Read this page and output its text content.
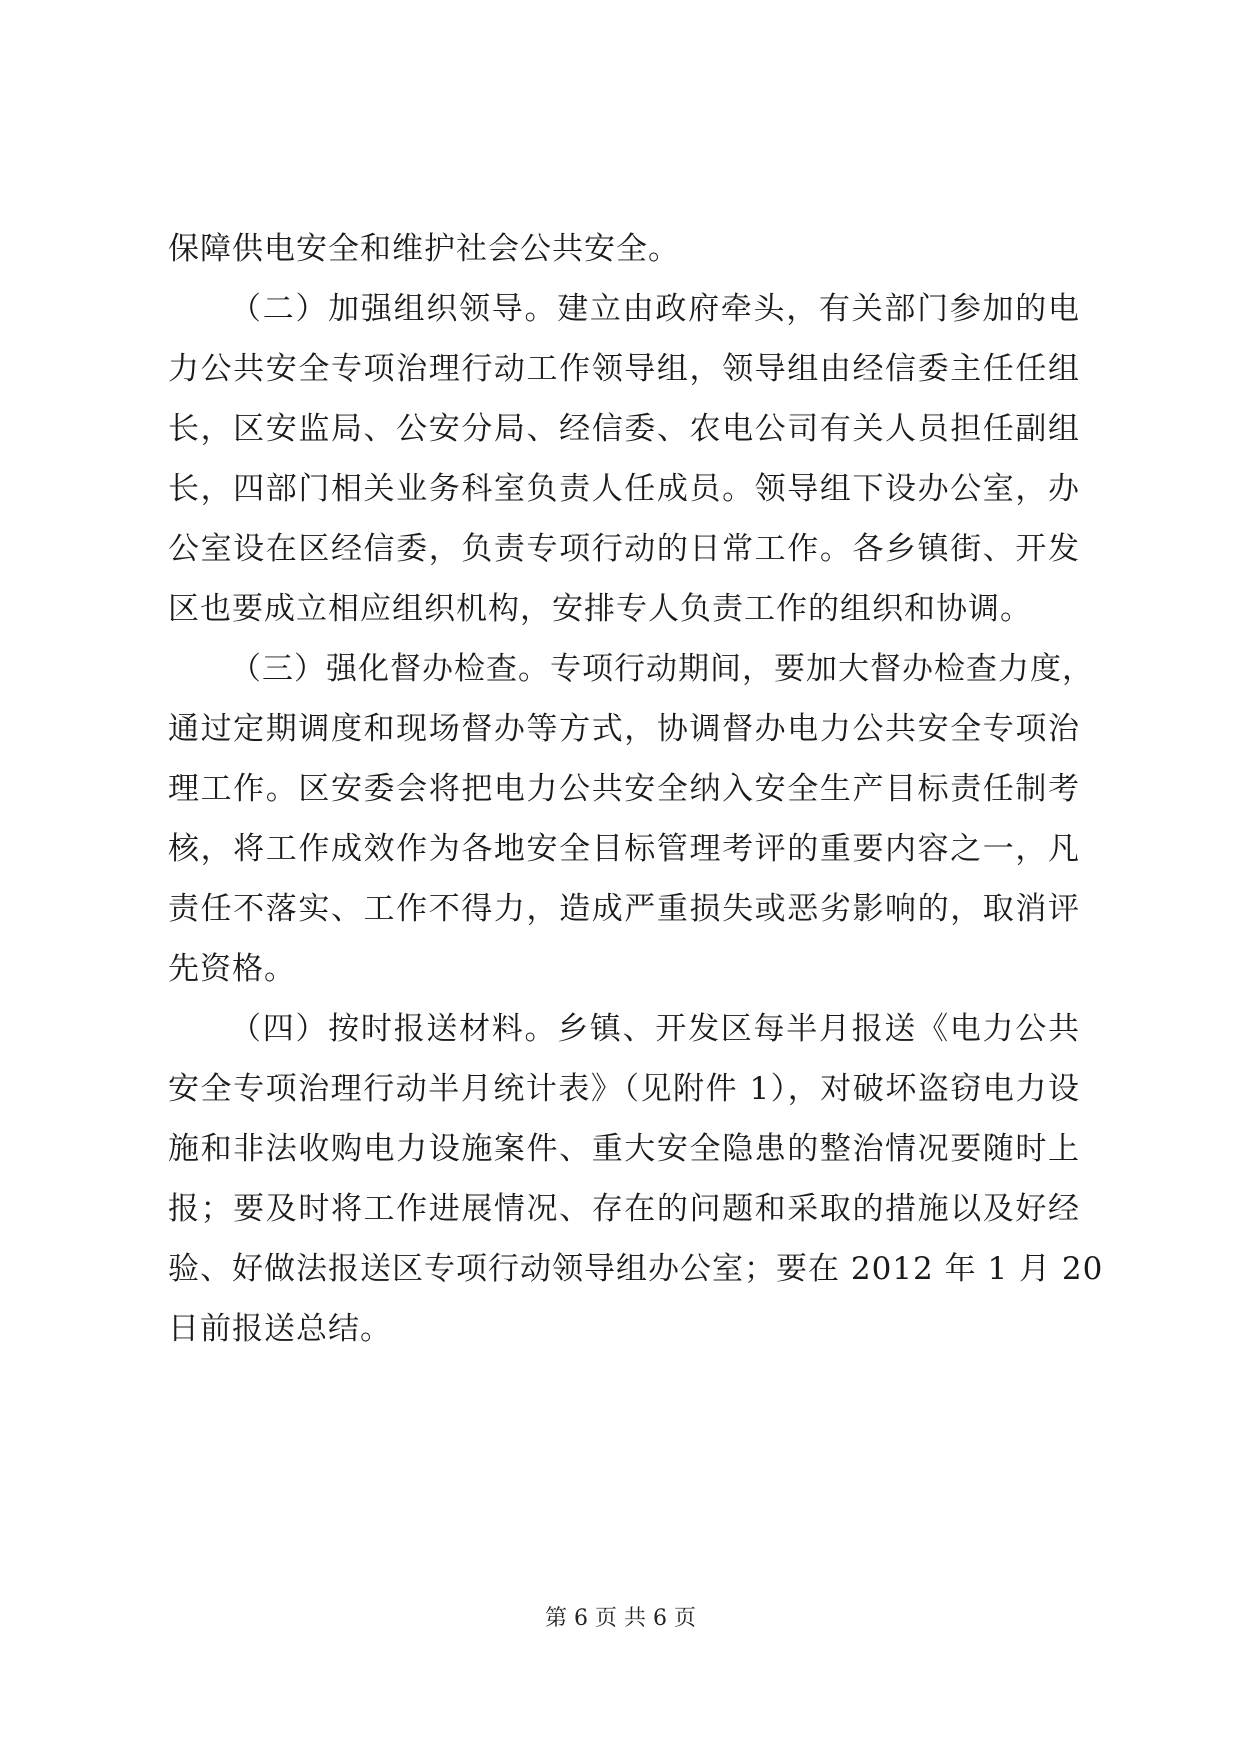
保障供电安全和维护社会公共安全。
（二）加强组织领导。建立由政府牵头，有关部门参加的电
力公共安全专项治理行动工作领导组，领导组由经信委主任任组
长，区安监局、公安分局、经信委、农电公司有关人员担任副组
长，四部门相关业务科室负责人任成员。领导组下设办公室，办
公室设在区经信委，负责专项行动的日常工作。各乡镇街、开发
区也要成立相应组织机构，安排专人负责工作的组织和协调。
（三）强化督办检查。专项行动期间，要加大督办检查力度，
通过定期调度和现场督办等方式，协调督办电力公共安全专项治
理工作。区安委会将把电力公共安全纳入安全生产目标责任制考
核，将工作成效作为各地安全目标管理考评的重要内容之一，凡
责任不落实、工作不得力，造成严重损失或恶劣影响的，取消评
先资格。
（四）按时报送材料。乡镇、开发区每半月报送《电力公共
安全专项治理行动半月统计表》（见附件 1），对破坏盗窃电力设
施和非法收购电力设施案件、重大安全隐患的整治情况要随时上
报；要及时将工作进展情况、存在的问题和采取的措施以及好经
验、好做法报送区专项行动领导组办公室；要在 2012 年 1 月 20
日前报送总结。
第 6 页 共 6 页
